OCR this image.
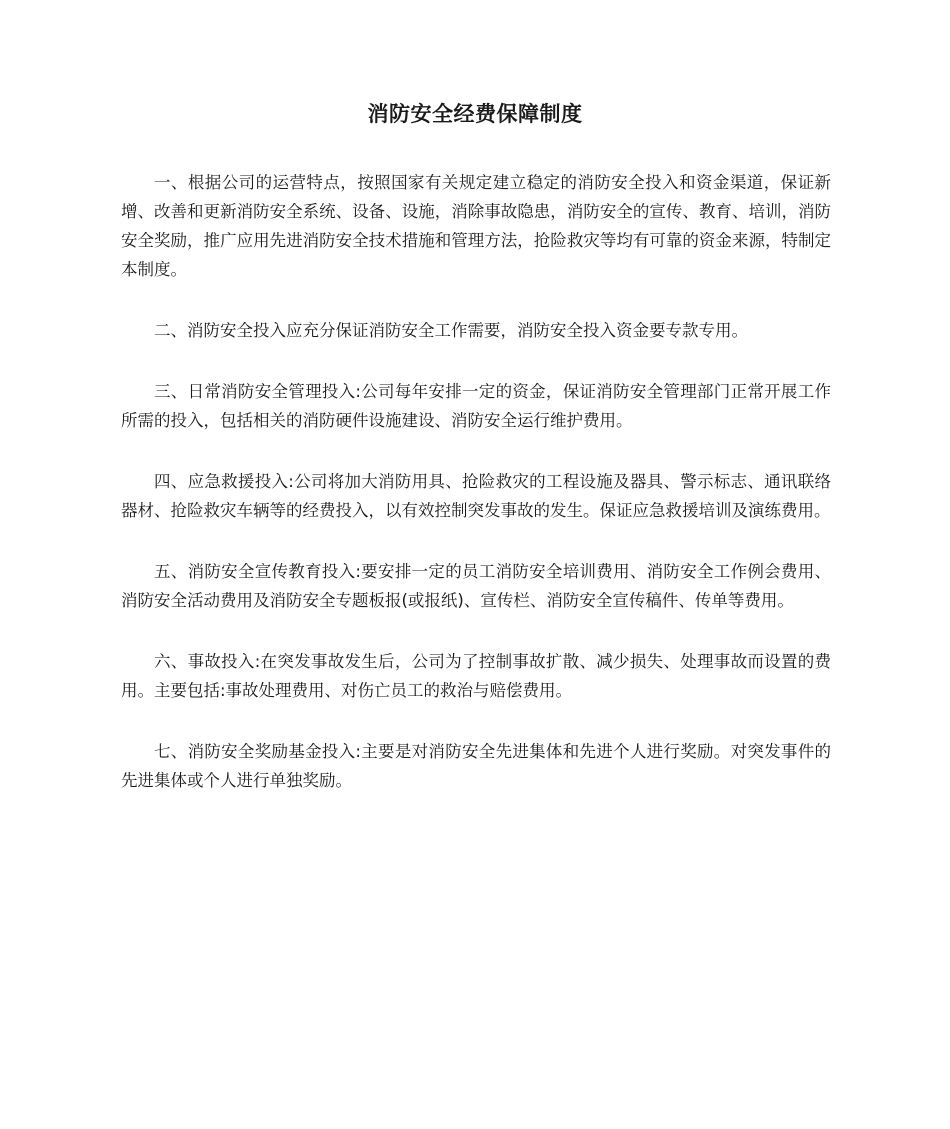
消防安全经费保障制度

一、根据公司的运营特点，按照国家有关规定建立稳定的消防安全投入和资金渠道，保证新增、改善和更新消防安全系统、设备、设施，消除事故隐患，消防安全的宣传、教育、培训，消防安全奖励，推广应用先进消防安全技术措施和管理方法，抢险救灾等均有可靠的资金来源，特制定本制度。

二、消防安全投入应充分保证消防安全工作需要，消防安全投入资金要专款专用。

三、日常消防安全管理投入:公司每年安排一定的资金，保证消防安全管理部门正常开展工作所需的投入，包括相关的消防硬件设施建设、消防安全运行维护费用。

四、应急救援投入:公司将加大消防用具、抢险救灾的工程设施及器具、警示标志、通讯联络器材、抢险救灾车辆等的经费投入，以有效控制突发事故的发生。保证应急救援培训及演练费用。

五、消防安全宣传教育投入:要安排一定的员工消防安全培训费用、消防安全工作例会费用、消防安全活动费用及消防安全专题板报(或报纸)、宣传栏、消防安全宣传稿件、传单等费用。

六、事故投入:在突发事故发生后，公司为了控制事故扩散、减少损失、处理事故而设置的费用。主要包括:事故处理费用、对伤亡员工的救治与赔偿费用。

七、消防安全奖励基金投入:主要是对消防安全先进集体和先进个人进行奖励。对突发事件的先进集体或个人进行单独奖励。
